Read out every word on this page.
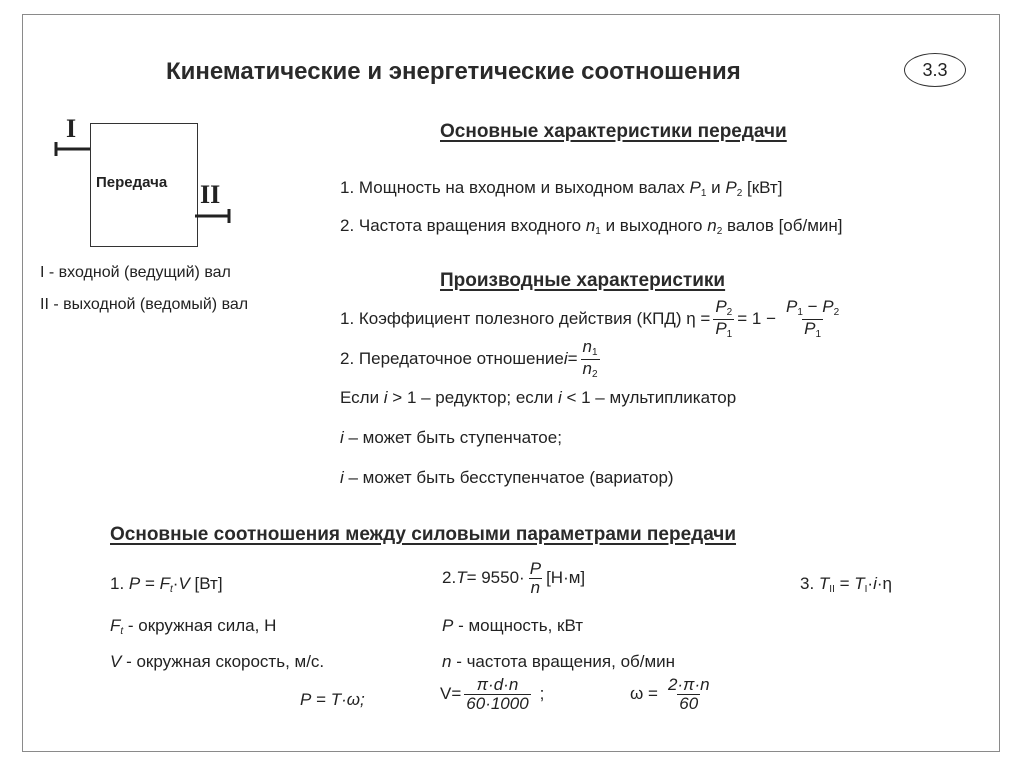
Кинематические и энергетические соотношения	3.3
Передача
I
II
I - входной (ведущий) вал
II - выходной (ведомый) вал
Основные характеристики передачи
1. Мощность на входном и выходном валах $P_1$ и $P_2$ [кВт]
2. Частота вращения входного $n_1$ и выходного $n_2$ валов [об/мин]
Производные характеристики
1. Коэффициент полезного действия (КПД) $\eta = \frac{P_2}{P_1} = 1 - \frac{P_1 - P_2}{P_1}$
2. Передаточное отношение $i = \frac{n_1}{n_2}$
Если i > 1 – редуктор; если i < 1 – мультипликатор
i – может быть ступенчатое;
i – может быть бесступенчатое (вариатор)
Основные соотношения между силовыми параметрами передачи
1. $P = F_t\cdot V$ [Вт]	2. $T = 9550\cdot \frac{P}{n} [Н\cdot м]$	3. $T_{II} = T_I\cdot i\cdot\eta$
$F_t$ - окружная сила, Н	P - мощность, кВт
V - окружная скорость, м/с.	n - частота вращения, об/мин
P = T·ω;	$V= \frac{\pi\cdot d\cdot n}{60\cdot 1000}$ ;	$\omega = \frac{2\cdot\pi\cdot n}{60}$
